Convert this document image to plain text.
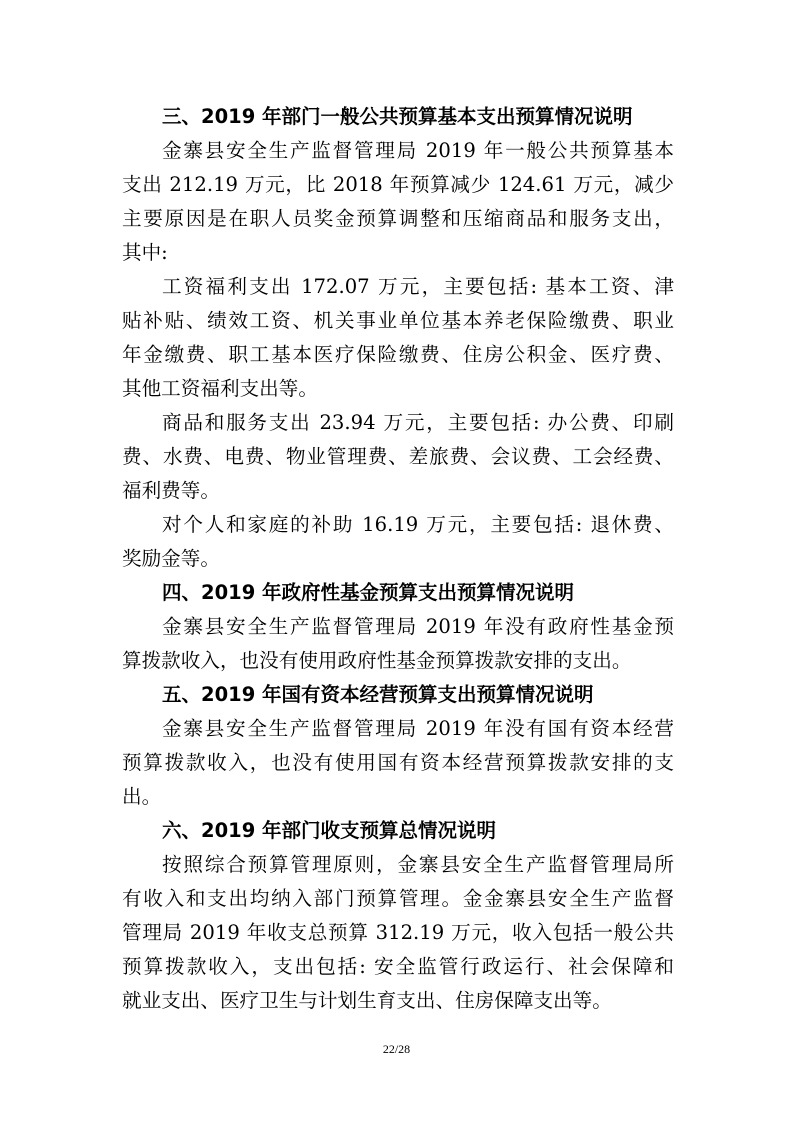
三、2019 年部门一般公共预算基本支出预算情况说明
金寨县安全生产监督管理局 2019 年一般公共预算基本
支出 212.19 万元，比 2018 年预算减少 124.61 万元，减少
主要原因是在职人员奖金预算调整和压缩商品和服务支出，
其中:
工资福利支出 172.07 万元，主要包括: 基本工资、津
贴补贴、绩效工资、机关事业单位基本养老保险缴费、职业
年金缴费、职工基本医疗保险缴费、住房公积金、医疗费、
其他工资福利支出等。
商品和服务支出 23.94 万元，主要包括: 办公费、印刷
费、水费、电费、物业管理费、差旅费、会议费、工会经费、
福利费等。
对个人和家庭的补助 16.19 万元，主要包括: 退休费、
奖励金等。
四、2019 年政府性基金预算支出预算情况说明
金寨县安全生产监督管理局 2019 年没有政府性基金预
算拨款收入，也没有使用政府性基金预算拨款安排的支出。
五、2019 年国有资本经营预算支出预算情况说明
金寨县安全生产监督管理局 2019 年没有国有资本经营
预算拨款收入，也没有使用国有资本经营预算拨款安排的支
出。
六、2019 年部门收支预算总情况说明
按照综合预算管理原则，金寨县安全生产监督管理局所
有收入和支出均纳入部门预算管理。金金寨县安全生产监督
管理局 2019 年收支总预算 312.19 万元，收入包括一般公共
预算拨款收入，支出包括: 安全监管行政运行、社会保障和
就业支出、医疗卫生与计划生育支出、住房保障支出等。
22/28
